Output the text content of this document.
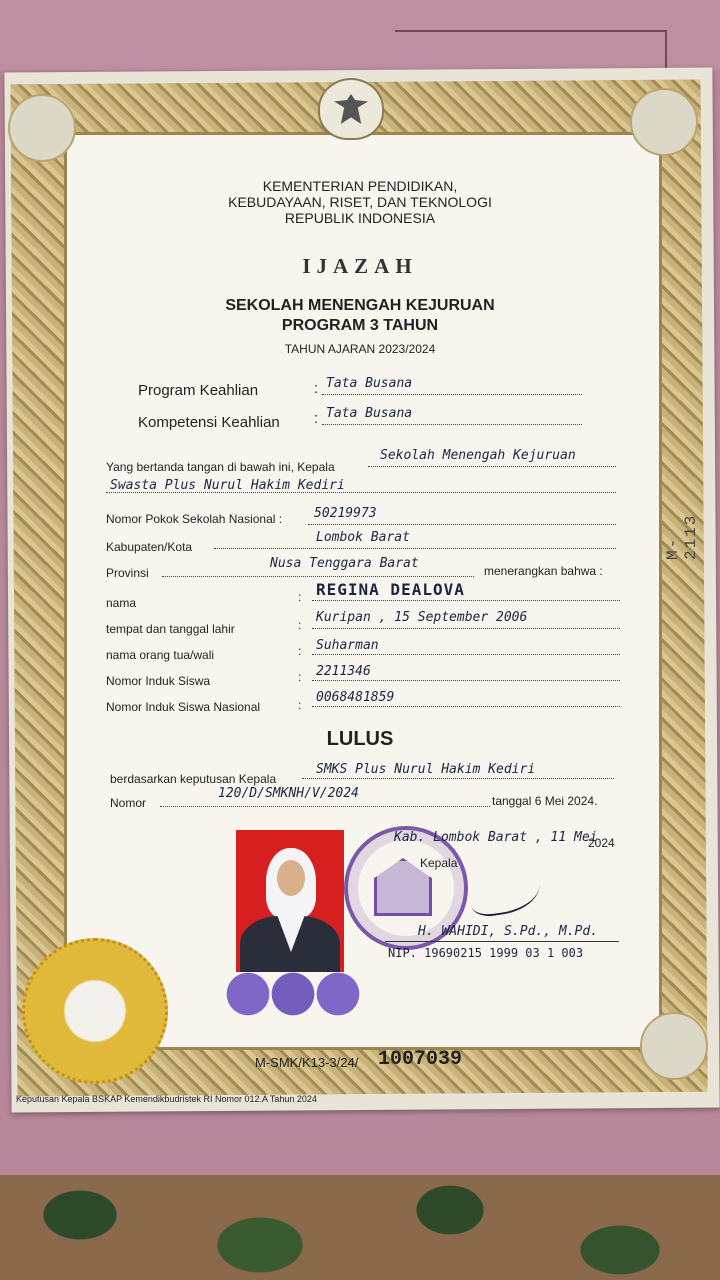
M-2113
KEMENTERIAN PENDIDIKAN,
KEBUDAYAAN, RISET, DAN TEKNOLOGI
REPUBLIK INDONESIA
IJAZAH
SEKOLAH MENENGAH KEJURUAN
PROGRAM 3 TAHUN
TAHUN AJARAN 2023/2024
Program Keahlian	: Tata Busana
Kompetensi Keahlian : Tata Busana
Yang bertanda tangan di bawah ini, Kepala
Sekolah Menengah Kejuruan
Swasta Plus Nurul Hakim Kediri
Nomor Pokok Sekolah Nasional : 50219973
Kabupaten/Kota
Lombok Barat
Provinsi
Nusa Tenggara Barat	menerangkan bahwa :
nama	: REGINA DEALOVA
tempat dan tanggal lahir	: Kuripan , 15 September 2006
nama orang tua/wali	: Suharman
Nomor Induk Siswa	: 2211346
Nomor Induk Siswa Nasional	: 0068481859
LULUS
berdasarkan keputusan Kepala
SMKS Plus Nurul Hakim Kediri
Nomor
120/D/SMKNH/V/2024	tanggal 6 Mei 2024.
Kab. Lombok Barat , 11 Mei
2024
Kepala
H. WAHIDI, S.Pd., M.Pd.
NIP. 19690215 1999 03 1 003
M-SMK/K13-3/24/ 1007039
Keputusan Kepala BSKAP Kemendikbudristek RI Nomor 012.A Tahun 2024
